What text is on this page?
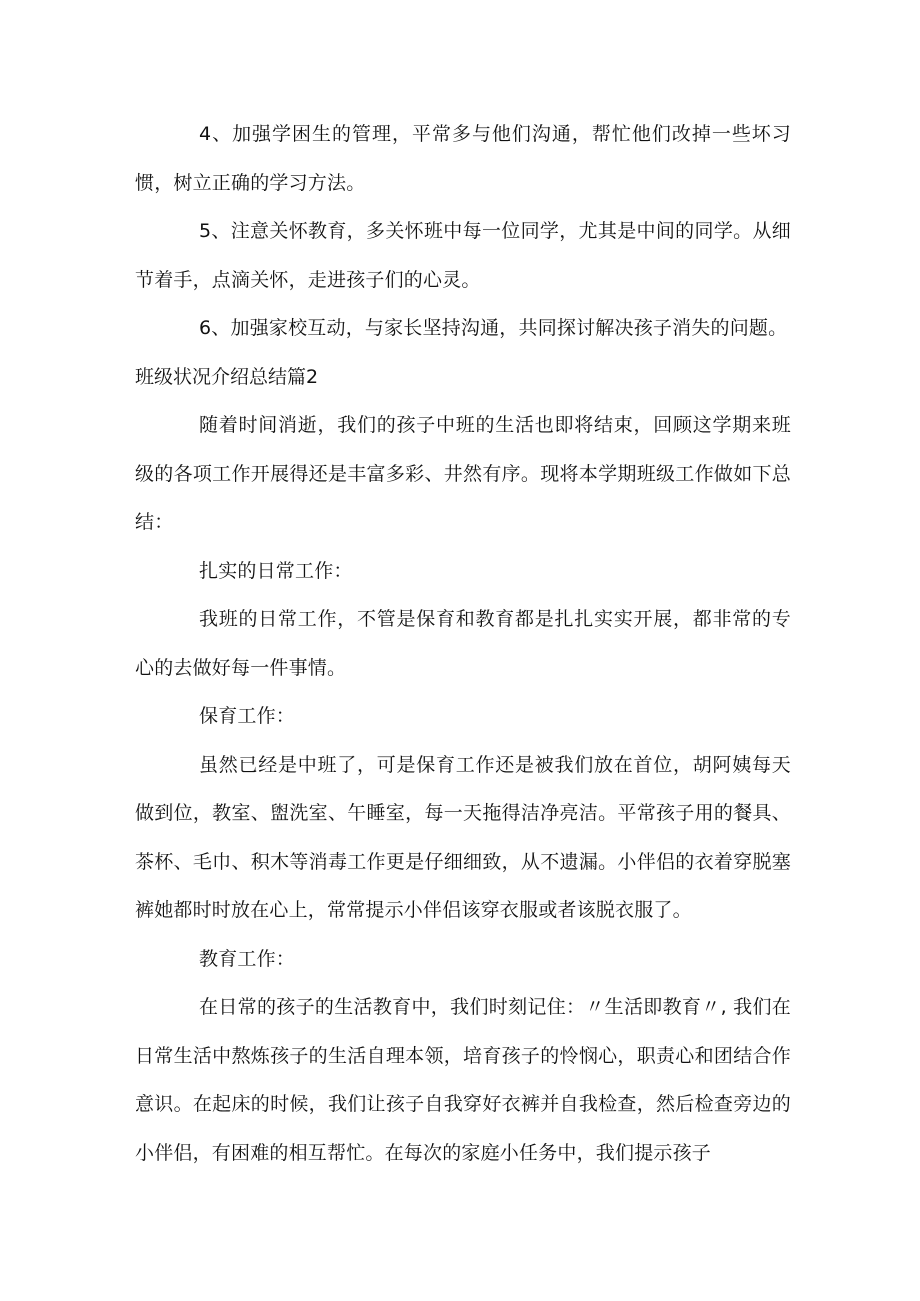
4、加强学困生的管理，平常多与他们沟通，帮忙他们改掉一些坏习惯，树立正确的学习方法。

5、注意关怀教育，多关怀班中每一位同学，尤其是中间的同学。从细节着手，点滴关怀，走进孩子们的心灵。

6、加强家校互动，与家长坚持沟通，共同探讨解决孩子消失的问题。

班级状况介绍总结篇2

随着时间消逝，我们的孩子中班的生活也即将结束，回顾这学期来班级的各项工作开展得还是丰富多彩、井然有序。现将本学期班级工作做如下总结：

扎实的日常工作：

我班的日常工作，不管是保育和教育都是扎扎实实开展，都非常的专心的去做好每一件事情。

保育工作：

虽然已经是中班了，可是保育工作还是被我们放在首位，胡阿姨每天做到位，教室、盥洗室、午睡室，每一天拖得洁净亮洁。平常孩子用的餐具、茶杯、毛巾、积木等消毒工作更是仔细细致，从不遗漏。小伴侣的衣着穿脱塞裤她都时时放在心上，常常提示小伴侣该穿衣服或者该脱衣服了。

教育工作：

在日常的孩子的生活教育中，我们时刻记住：〃生活即教育〃, 我们在日常生活中熬炼孩子的生活自理本领，培育孩子的怜悯心，职责心和团结合作意识。在起床的时候，我们让孩子自我穿好衣裤并自我检查，然后检查旁边的小伴侣，有困难的相互帮忙。在每次的家庭小任务中，我们提示孩子
